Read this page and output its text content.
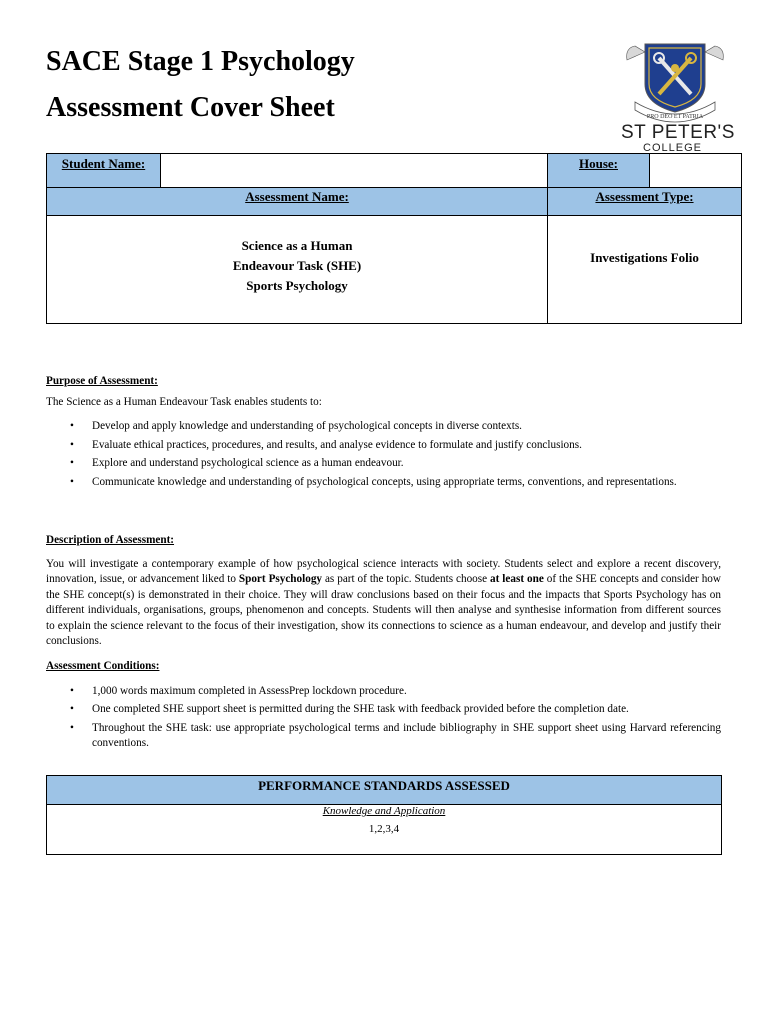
SACE Stage 1 Psychology
Assessment Cover Sheet	PRO DEO ET PATRIA
ST PETER'S
COLLEGE
Student Name:		House:	
Assessment Name:		Assessment Type:	

Science as a Human
Endeavour Task (SHE)
Sports Psychology		Investigations Folio	
Purpose of Assessment:
The Science as a Human Endeavour Task enables students to:
• Develop and apply knowledge and understanding of psychological concepts in diverse contexts.
• Evaluate ethical practices, procedures, and results, and analyse evidence to formulate and justify conclusions.
• Explore and understand psychological science as a human endeavour.
• Communicate knowledge and understanding of psychological concepts, using appropriate terms, conventions, and representations.
Description of Assessment:
You will investigate a contemporary example of how psychological science interacts with society. Students select and explore a recent discovery, innovation, issue, or advancement liked to Sport Psychology as part of the topic. Students choose at least one of the SHE concepts and consider how the SHE concept(s) is demonstrated in their choice. They will draw conclusions based on their focus and the impacts that Sports Psychology has on different individuals, organisations, groups, phenomenon and concepts. Students will then analyse and synthesise information from different sources to explain the science relevant to the focus of their investigation, show its connections to science as a human endeavour, and develop and justify their conclusions.
Assessment Conditions:
• 1,000 words maximum completed in AssessPrep lockdown procedure.
• One completed SHE support sheet is permitted during the SHE task with feedback provided before the completion date.
• Throughout the SHE task: use appropriate psychological terms and include bibliography in SHE support sheet using Harvard referencing conventions.
PERFORMANCE STANDARDS ASSESSED

Knowledge and Application
1,2,3,4
